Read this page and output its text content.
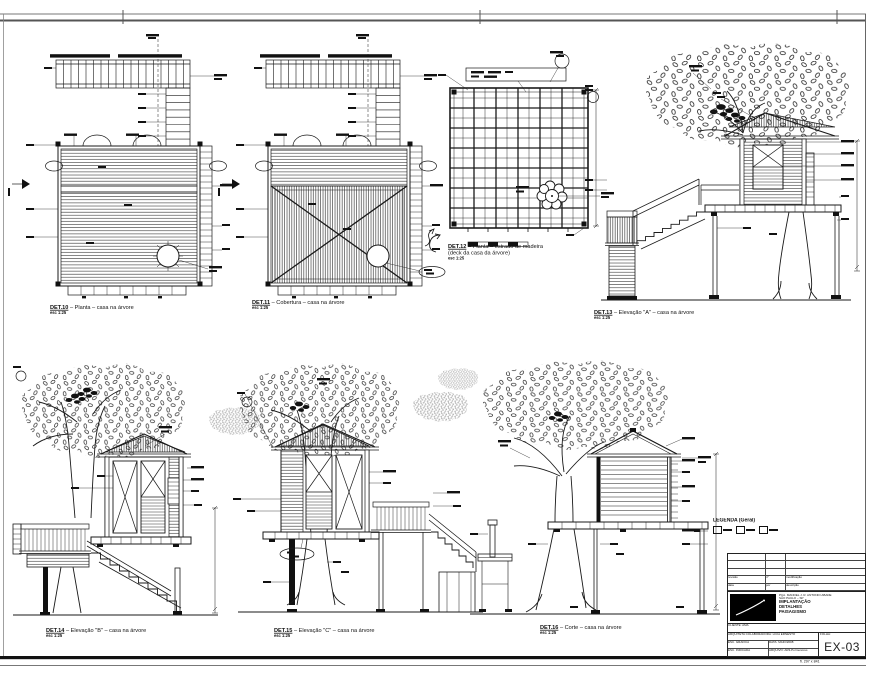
DET.10 – Planta – casa na árvore
esc 1:25
DET.11 – Cobertura – casa na árvore
esc 1:25
DET.12 – Planta – estrado de madeira
(deck da casa da árvore)
esc 1:25
DET.13 – Elevação "A" – casa na árvore
esc 1:25
DET.14 – Elevação "B" – casa na árvore
esc 1:25
DET.15 – Elevação "C" – casa na árvore
esc 1:25
DET.16 – Corte – casa na árvore
esc 1:25
LEGENDA (Geral)
revisão	nº	modificação
data	por	descrição
PÇA. MANOEL J. R. ANTONIO ABADE
SÃO PAULO – SP
IMPLANTAÇÃO
DETALHES
PAISAGISMO
CLIENTE: AMA
ARQUITETA COLABORADORA: LÍCIA ERNESTO
ESC. GRÁFICA	DATA: MAIO/2008
ESC. INDICADA	ARQUIVO: AR3-Pormenores
FOLHA:
EX-03
fl. 297 x 841
